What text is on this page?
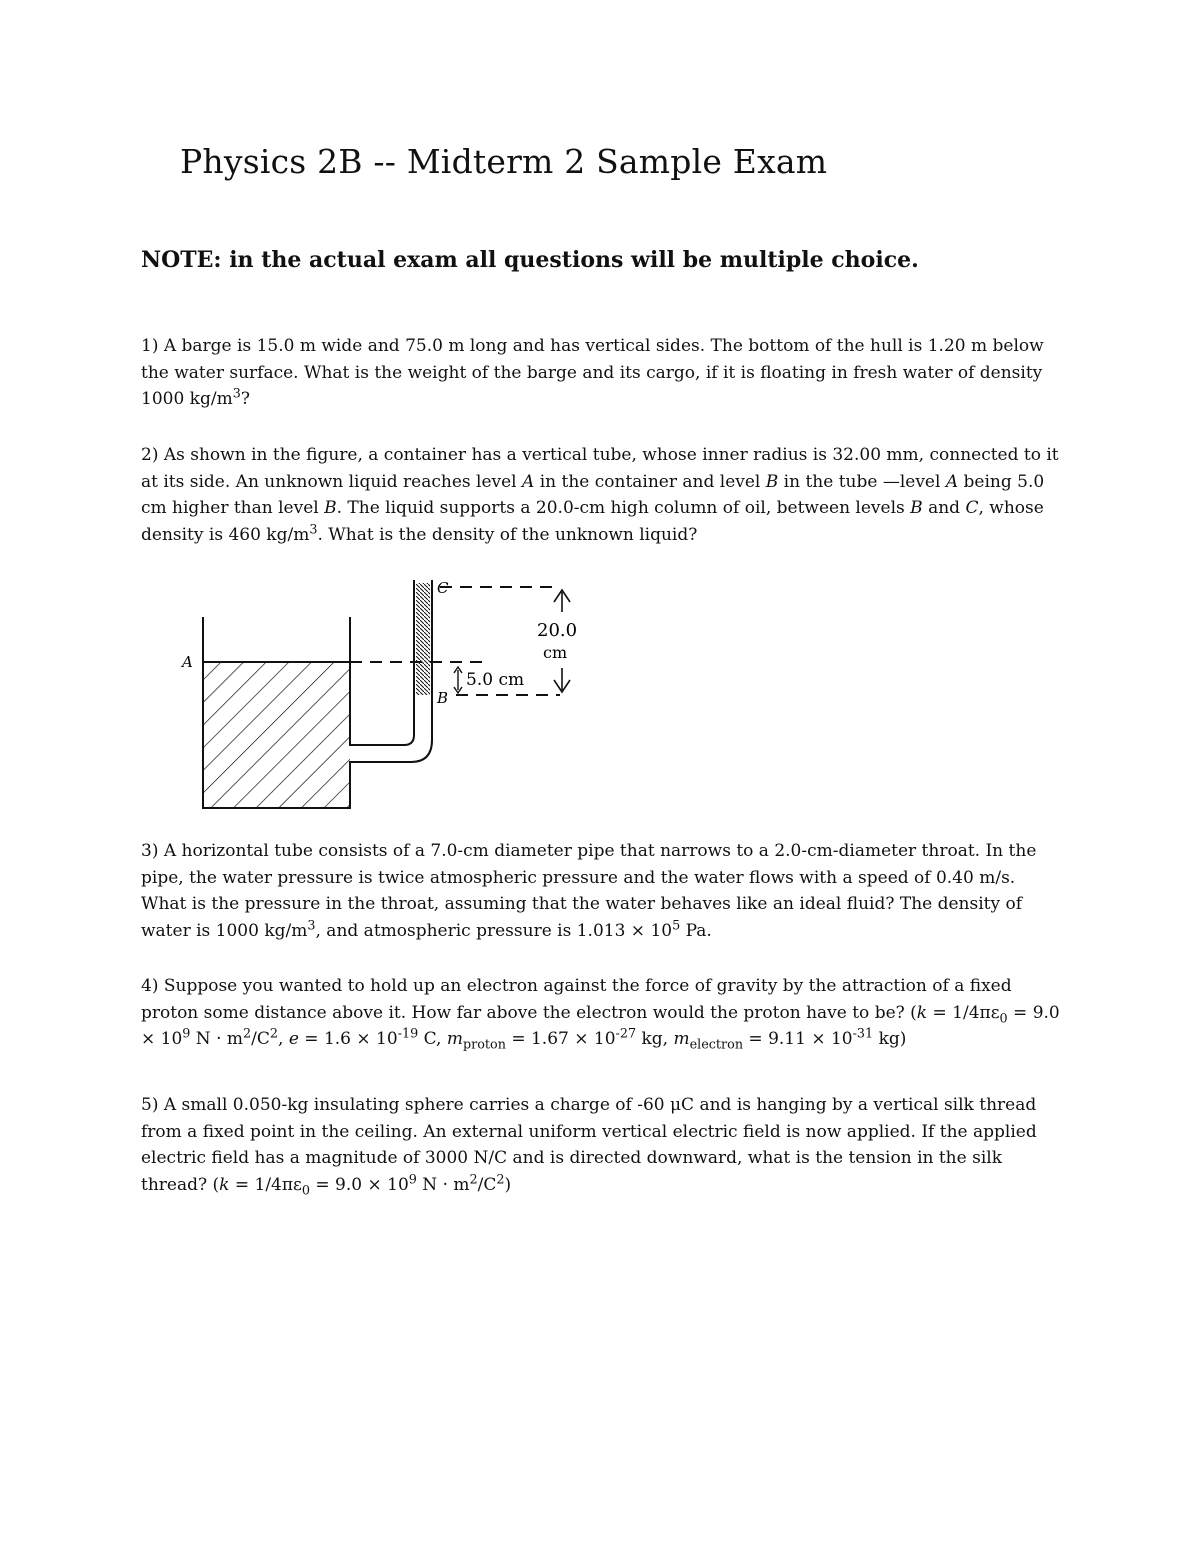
Physics 2B -- Midterm 2 Sample Exam
NOTE: in the actual exam all questions will be multiple choice.

1) A barge is 15.0 m wide and 75.0 m long and has vertical sides. The bottom of the hull is 1.20 m below

the water surface. What is the weight of the barge and its cargo, if it is floating in fresh water of density

1000 $kg/m^3$?

2) As shown in the figure, a container has a vertical tube, whose inner radius is 32.00 mm, connected to it

at its side. An unknown liquid reaches level A in the container and level B in the tube —level A being 5.0

cm higher than level B. The liquid supports a 20.0-cm high column of oil, between levels B and C, whose

density is 460 $kg/m^3$. What is the density of the unknown liquid?

A
B
C
20.0
cm
5.0 cm

3) A horizontal tube consists of a 7.0-cm diameter pipe that narrows to a 2.0-cm-diameter throat. In the

pipe, the water pressure is twice atmospheric pressure and the water flows with a speed of 0.40 m/s.

What is the pressure in the throat, assuming that the water behaves like an ideal fluid? The density of

water is 1000 $kg/m^3$, and atmospheric pressure is $1.013 \times 10^5$ Pa.

4) Suppose you wanted to hold up an electron against the force of gravity by the attraction of a fixed

proton some distance above it. How far above the electron would the proton have to be? ($k = 1/4\pi\varepsilon_0 = 9.0$

× $10^9$ $N \cdot m^2/C^2$, $e = 1.6 \times 10^{-19}$ C, $m_{proton} = 1.67 \times 10^{-27}$ kg, $m_{electron} = 9.11 \times 10^{-31}$ kg)

5) A small 0.050-kg insulating sphere carries a charge of -60 μC and is hanging by a vertical silk thread

from a fixed point in the ceiling. An external uniform vertical electric field is now applied. If the applied

electric field has a magnitude of 3000 N/C and is directed downward, what is the tension in the silk

thread? ($k = 1/4\pi\varepsilon_0 = 9.0 \times 10^9$ $N \cdot m^2/C^2$)
